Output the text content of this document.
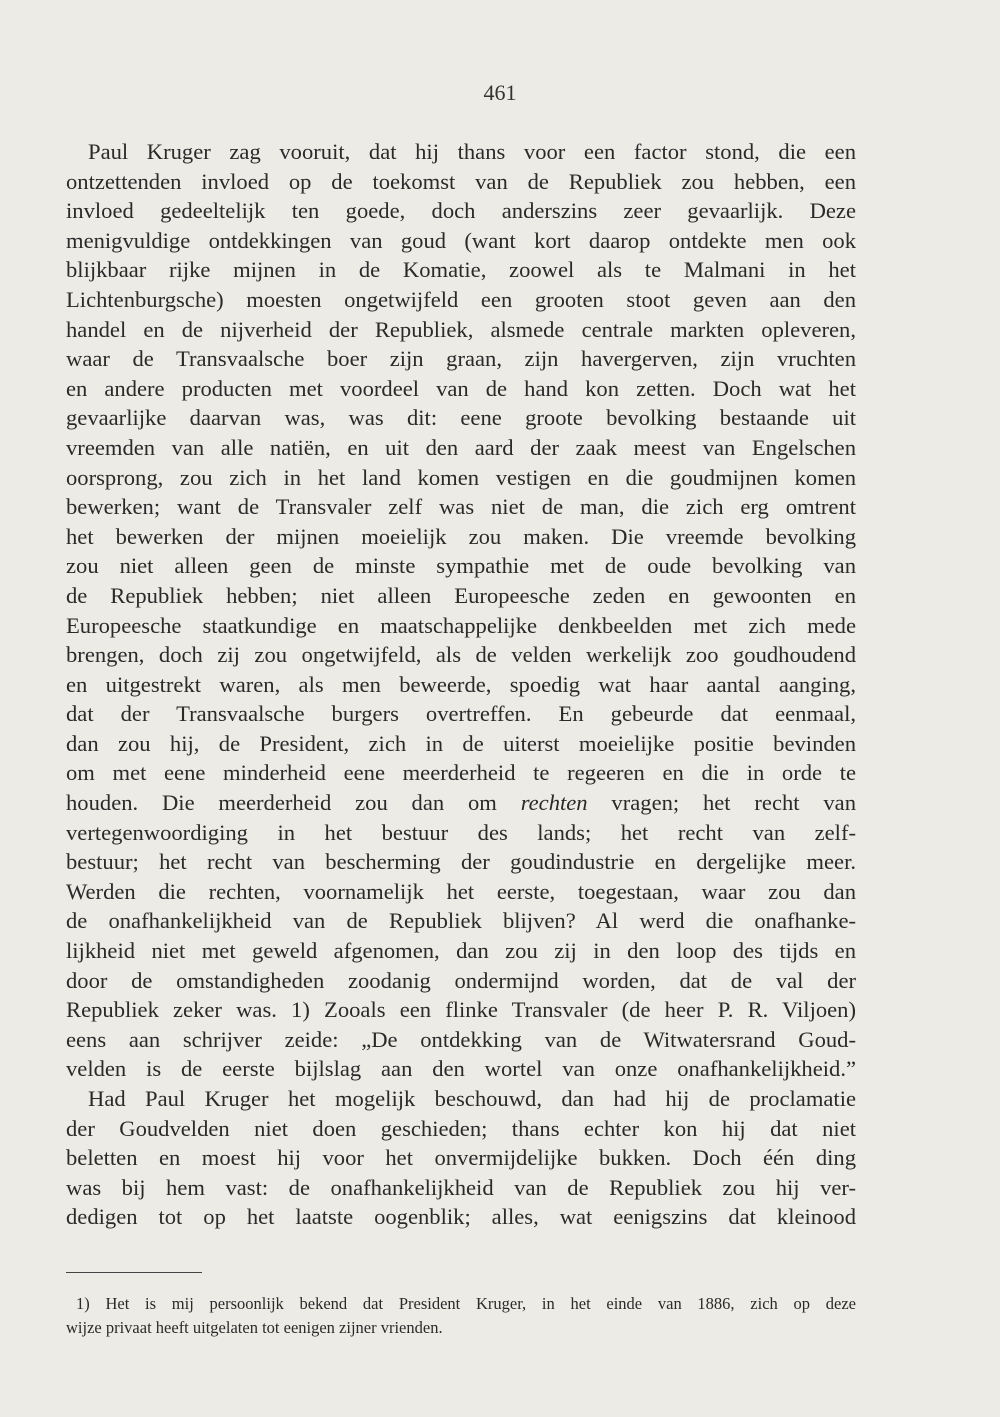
461
Paul Kruger zag vooruit, dat hij thans voor een factor stond, die een
ontzettenden invloed op de toekomst van de Republiek zou hebben, een
invloed gedeeltelijk ten goede, doch anderszins zeer gevaarlijk. Deze
menigvuldige ontdekkingen van goud (want kort daarop ontdekte men ook
blijkbaar rijke mijnen in de Komatie, zoowel als te Malmani in het
Lichtenburgsche) moesten ongetwijfeld een grooten stoot geven aan den
handel en de nijverheid der Republiek, alsmede centrale markten opleveren,
waar de Transvaalsche boer zijn graan, zijn havergerven, zijn vruchten
en andere producten met voordeel van de hand kon zetten. Doch wat het
gevaarlijke daarvan was, was dit: eene groote bevolking bestaande uit
vreemden van alle natiën, en uit den aard der zaak meest van Engelschen
oorsprong, zou zich in het land komen vestigen en die goudmijnen komen
bewerken; want de Transvaler zelf was niet de man, die zich erg omtrent
het bewerken der mijnen moeielijk zou maken. Die vreemde bevolking
zou niet alleen geen de minste sympathie met de oude bevolking van
de Republiek hebben; niet alleen Europeesche zeden en gewoonten en
Europeesche staatkundige en maatschappelijke denkbeelden met zich mede
brengen, doch zij zou ongetwijfeld, als de velden werkelijk zoo goudhoudend
en uitgestrekt waren, als men beweerde, spoedig wat haar aantal aanging,
dat der Transvaalsche burgers overtreffen. En gebeurde dat eenmaal,
dan zou hij, de President, zich in de uiterst moeielijke positie bevinden
om met eene minderheid eene meerderheid te regeeren en die in orde te
houden. Die meerderheid zou dan om rechten vragen; het recht van
vertegenwoordiging in het bestuur des lands; het recht van zelf-
bestuur; het recht van bescherming der goudindustrie en dergelijke meer.
Werden die rechten, voornamelijk het eerste, toegestaan, waar zou dan
de onafhankelijkheid van de Republiek blijven? Al werd die onafhanke-
lijkheid niet met geweld afgenomen, dan zou zij in den loop des tijds en
door de omstandigheden zoodanig ondermijnd worden, dat de val der
Republiek zeker was. 1) Zooals een flinke Transvaler (de heer P. R. Viljoen)
eens aan schrijver zeide: „De ontdekking van de Witwatersrand Goud-
velden is de eerste bijlslag aan den wortel van onze onafhankelijkheid.”
Had Paul Kruger het mogelijk beschouwd, dan had hij de proclamatie
der Goudvelden niet doen geschieden; thans echter kon hij dat niet
beletten en moest hij voor het onvermijdelijke bukken. Doch één ding
was bij hem vast: de onafhankelijkheid van de Republiek zou hij ver-
dedigen tot op het laatste oogenblik; alles, wat eenigszins dat kleinood
1) Het is mij persoonlijk bekend dat President Kruger, in het einde van 1886, zich op deze
wijze privaat heeft uitgelaten tot eenigen zijner vrienden.
